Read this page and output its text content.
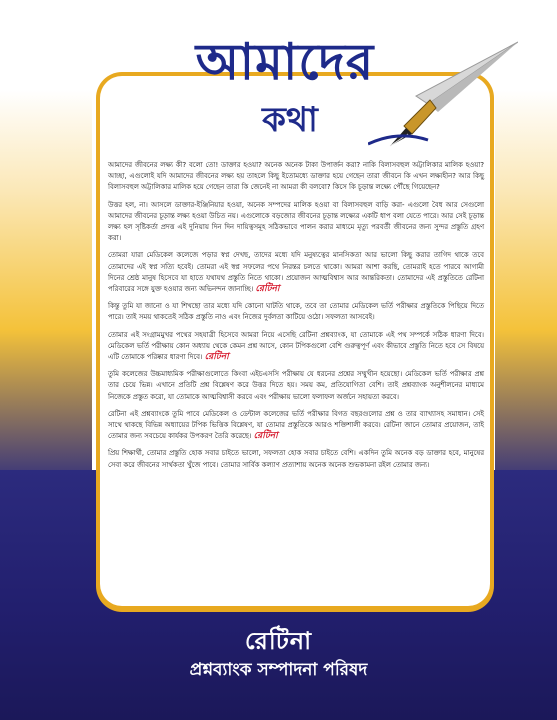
আমাদের
কথা

আমাদের জীবনের লক্ষ্য কী? বলো তো! ডাক্তার হওয়া? অনেক অনেক টাকা উপার্জন করা? নাকি বিলাসবহুল অট্টালিকার মালিক হওয়া? আচ্ছা, এগুলোই যদি আমাদের জীবনের লক্ষ্য হয় তাহলে কিছু ইতোমধ্যে ডাক্তার হয়ে গেছেন তারা জীবনে কি এখন লক্ষ্যহীন? আর কিছু বিলাসবহুল অট্টালিকার মালিক হয়ে গেছেন তারা কি জেনেই না আমরা কী বলবো? কিসে কি চূড়ান্ত লক্ষ্যে পৌঁছে গিয়েছেন?

উত্তর হল, না। আসলে ডাক্তার-ইঞ্জিনিয়ার হওয়া, অনেক সম্পদের মালিক হওয়া বা বিলাসবহুল বাড়ি করা- এগুলো বৈধ আর সেগুলো আমাদের জীবনের চূড়ান্ত লক্ষ্য হওয়া উচিত নয়। এগুলোকে বড়জোর জীবনের চূড়ান্ত লক্ষ্যের একটি ধাপ বলা যেতে পারে। আর সেই চূড়ান্ত লক্ষ্য হল সৃষ্টিকর্তা প্রদত্ত এই দুনিয়ায় দিন দিন দায়িত্বসমূহ সঠিকভাবে পালন করার মাধ্যমে মৃত্যু পরবর্তী জীবনের জন্য সুন্দর প্রস্তুতি গ্রহণ করা।

তোমরা যারা মেডিকেল কলেজে পড়ার স্বপ্ন দেখছ, তাদের মধ্যে যদি মনুষ্যত্বের মানসিকতা আর ভালো কিছু করার তাগিদ থাকে তবে তোমাদের এই স্বপ্ন সত্যি হবেই। তোমরা এই স্বপ্ন সফলের পথে নিরন্তর চলতে থাকো। আমরা আশা করছি, তোমরাই হতে পারবে আগামী দিনের শ্রেষ্ঠ মানুষ হিসেবে যা হাতে যথাযথ প্রস্তুতি নিতে থাকো। প্রয়োজন আত্মবিশ্বাস আর আন্তরিকতা। তোমাদের এই প্রস্তুতিতে রেটিনা পরিবারের সঙ্গে যুক্ত হওয়ার জন্য অভিনন্দন জানাচ্ছি। রেটিনা

কিন্তু তুমি যা জানো ও যা শিখছো তার মধ্যে যদি কোনো ঘাটতি থাকে, তবে তা তোমার মেডিকেল ভর্তি পরীক্ষার প্রস্তুতিকে পিছিয়ে দিতে পারে। তাই সময় থাকতেই সঠিক প্রস্তুতি নাও এবং নিজের দুর্বলতা কাটিয়ে ওঠো। সফলতা আসবেই।

তোমার এই সংগ্রামমুখর পথের সহযাত্রী হিসেবে আমরা নিয়ে এসেছি রেটিনা প্রশ্নব্যাংক, যা তোমাকে এই পথ সম্পর্কে সঠিক ধারণা দিবে। মেডিকেল ভর্তি পরীক্ষায় কোন অধ্যায় থেকে কেমন প্রশ্ন আসে, কোন টপিকগুলো বেশি গুরুত্বপূর্ণ এবং কীভাবে প্রস্তুতি নিতে হবে সে বিষয়ে এটি তোমাকে পরিষ্কার ধারণা দিবে। রেটিনা

তুমি কলেজের উচ্চমাধ্যমিক পরীক্ষাগুলোতে কিংবা এইচএসসি পরীক্ষায় যে ধরনের প্রশ্নের সম্মুখীন হয়েছো। মেডিকেল ভর্তি পরীক্ষার প্রশ্ন তার চেয়ে ভিন্ন। এখানে প্রতিটি প্রশ্ন বিশ্লেষণ করে উত্তর দিতে হয়। সময় কম, প্রতিযোগিতা বেশি। তাই প্রশ্নব্যাংক অনুশীলনের মাধ্যমে নিজেকে প্রস্তুত করো, যা তোমাকে আত্মবিশ্বাসী করবে এবং পরীক্ষায় ভালো ফলাফল অর্জনে সহায়তা করবে।

রেটিনা এই প্রশ্নব্যাংকে তুমি পাবে মেডিকেল ও ডেন্টাল কলেজের ভর্তি পরীক্ষার বিগত বছরগুলোর প্রশ্ন ও তার ব্যাখ্যাসহ সমাধান। সেই সাথে থাকছে বিভিন্ন অধ্যায়ের টপিক ভিত্তিক বিশ্লেষণ, যা তোমার প্রস্তুতিকে আরও শক্তিশালী করবে। রেটিনা জানে তোমার প্রয়োজন, তাই তোমার জন্য সবচেয়ে কার্যকর উপকরণ তৈরি করেছে। রেটিনা

প্রিয় শিক্ষার্থী, তোমার প্রস্তুতি হোক সবার চাইতে ভালো, সফলতা হোক সবার চাইতে বেশি। একদিন তুমি অনেক বড় ডাক্তার হবে, মানুষের সেবা করে জীবনের সার্থকতা খুঁজে পাবে। তোমার সার্বিক কল্যাণ প্রত্যাশায় অনেক অনেক শুভকামনা রইল তোমার জন্য।

রেটিনা
প্রশ্নব্যাংক সম্পাদনা পরিষদ
